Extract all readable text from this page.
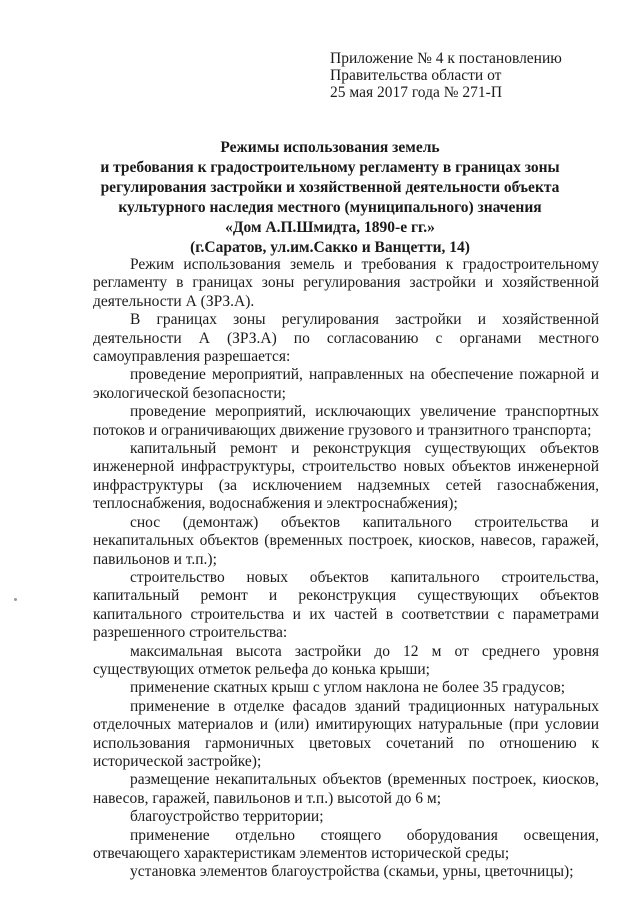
Приложение № 4 к постановлению
Правительства области от
25 мая 2017 года № 271-П
Режимы использования земель
и требования к градостроительному регламенту в границах зоны
регулирования застройки и хозяйственной деятельности объекта
культурного наследия местного (муниципального) значения
«Дом А.П.Шмидта, 1890-е гг.»
(г.Саратов, ул.им.Сакко и Ванцетти, 14)

Режим использования земель и требования к градостроительному регламенту в границах зоны регулирования застройки и хозяйственной деятельности А (ЗРЗ.А).

В границах зоны регулирования застройки и хозяйственной деятельности А (ЗРЗ.А) по согласованию с органами местного самоуправления разрешается:

проведение мероприятий, направленных на обеспечение пожарной и экологической безопасности;

проведение мероприятий, исключающих увеличение транспортных потоков и ограничивающих движение грузового и транзитного транспорта;

капитальный ремонт и реконструкция существующих объектов инженерной инфраструктуры, строительство новых объектов инженерной инфраструктуры (за исключением надземных сетей газоснабжения, теплоснабжения, водоснабжения и электроснабжения);

снос (демонтаж) объектов капитального строительства и некапитальных объектов (временных построек, киосков, навесов, гаражей, павильонов и т.п.);

строительство новых объектов капитального строительства, капитальный ремонт и реконструкция существующих объектов капитального строительства и их частей в соответствии с параметрами разрешенного строительства:

максимальная высота застройки до 12 м от среднего уровня существующих отметок рельефа до конька крыши;

применение скатных крыш с углом наклона не более 35 градусов;

применение в отделке фасадов зданий традиционных натуральных отделочных материалов и (или) имитирующих натуральные (при условии использования гармоничных цветовых сочетаний по отношению к исторической застройке);

размещение некапитальных объектов (временных построек, киосков, навесов, гаражей, павильонов и т.п.) высотой до 6 м;

благоустройство территории;

применение отдельно стоящего оборудования освещения, отвечающего характеристикам элементов исторической среды;

установка элементов благоустройства (скамьи, урны, цветочницы);
